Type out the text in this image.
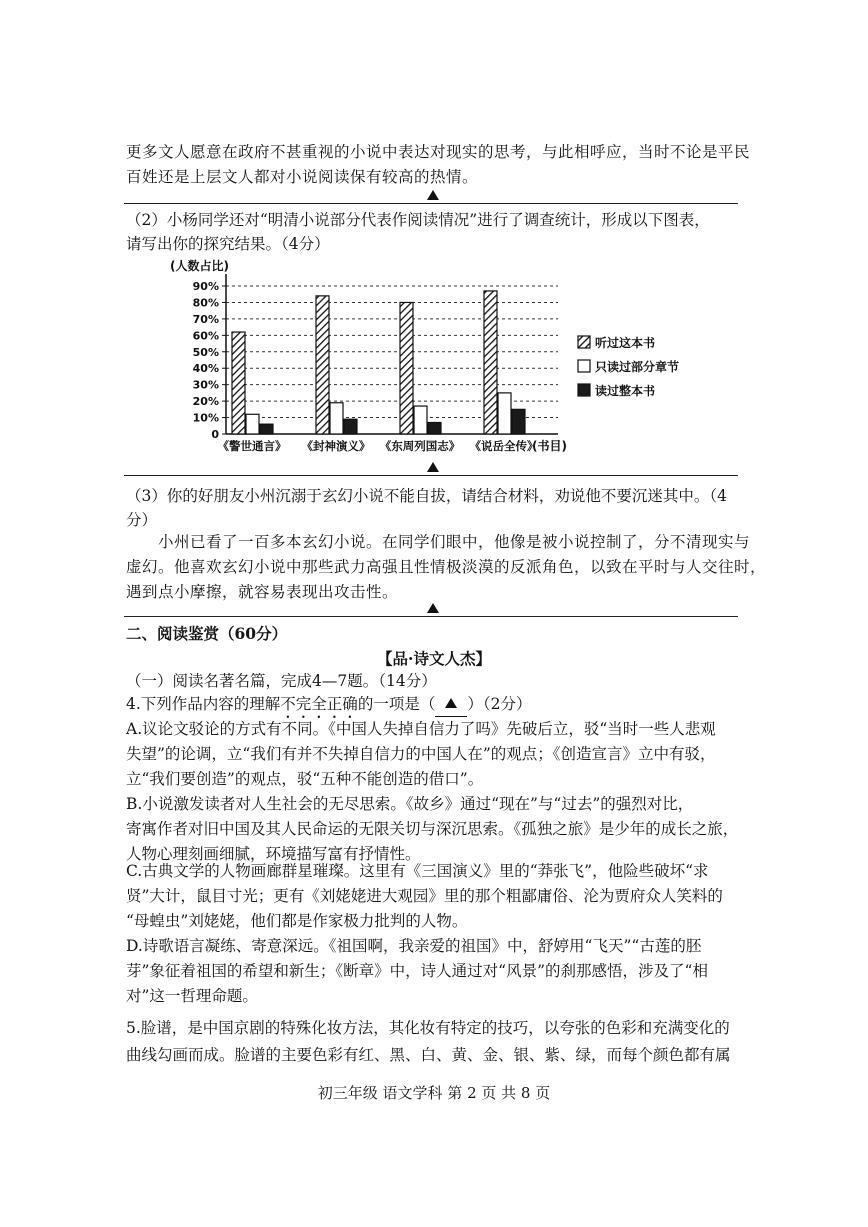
更多文人愿意在政府不甚重视的小说中表达对现实的思考，与此相呼应，当时不论是平民
百姓还是上层文人都对小说阅读保有较高的热情。
（2）小杨同学还对“明清小说部分代表作阅读情况”进行了调查统计，形成以下图表，
请写出你的探究结果。（4分）
(人数占比)
0
10%
20%
30%
40%
50%
60%
70%
80%
90%
《警世通言》 《封神演义》 《东周列国志》 《说岳全传》
(书目)
听过这本书
只读过部分章节
读过整本书
（3）你的好朋友小州沉溺于玄幻小说不能自拔，请结合材料，劝说他不要沉迷其中。（4
分）
小州已看了一百多本玄幻小说。在同学们眼中，他像是被小说控制了，分不清现实与
虚幻。他喜欢玄幻小说中那些武力高强且性情极淡漠的反派角色，以致在平时与人交往时，
遇到点小摩擦，就容易表现出攻击性。
二、阅读鉴赏（60分）
【品·诗文人杰】
（一）阅读名著名篇，完成4—7题。（14分）
4.下列作品内容的理解不完全正确的一项是（ ）（2分）
A.议论文驳论的方式有不同。《中国人失掉自信力了吗》先破后立，驳“当时一些人悲观
失望”的论调，立“我们有并不失掉自信力的中国人在”的观点；《创造宣言》立中有驳，
立“我们要创造”的观点，驳“五种不能创造的借口”。
B.小说激发读者对人生社会的无尽思索。《故乡》通过“现在”与“过去”的强烈对比，
寄寓作者对旧中国及其人民命运的无限关切与深沉思索。《孤独之旅》是少年的成长之旅，
人物心理刻画细腻，环境描写富有抒情性。
C.古典文学的人物画廊群星璀璨。这里有《三国演义》里的“莽张飞”，他险些破坏“求
贤”大计，鼠目寸光；更有《刘姥姥进大观园》里的那个粗鄙庸俗、沦为贾府众人笑料的
“母蝗虫”刘姥姥，他们都是作家极力批判的人物。
D.诗歌语言凝练、寄意深远。《祖国啊，我亲爱的祖国》中，舒婷用“飞天”“古莲的胚
芽”象征着祖国的希望和新生；《断章》中，诗人通过对“风景”的刹那感悟，涉及了“相
对”这一哲理命题。
5.脸谱，是中国京剧的特殊化妆方法，其化妆有特定的技巧，以夸张的色彩和充满变化的
曲线勾画而成。脸谱的主要色彩有红、黑、白、黄、金、银、紫、绿，而每个颜色都有属
初三年级 语文学科 第 2 页 共 8 页
